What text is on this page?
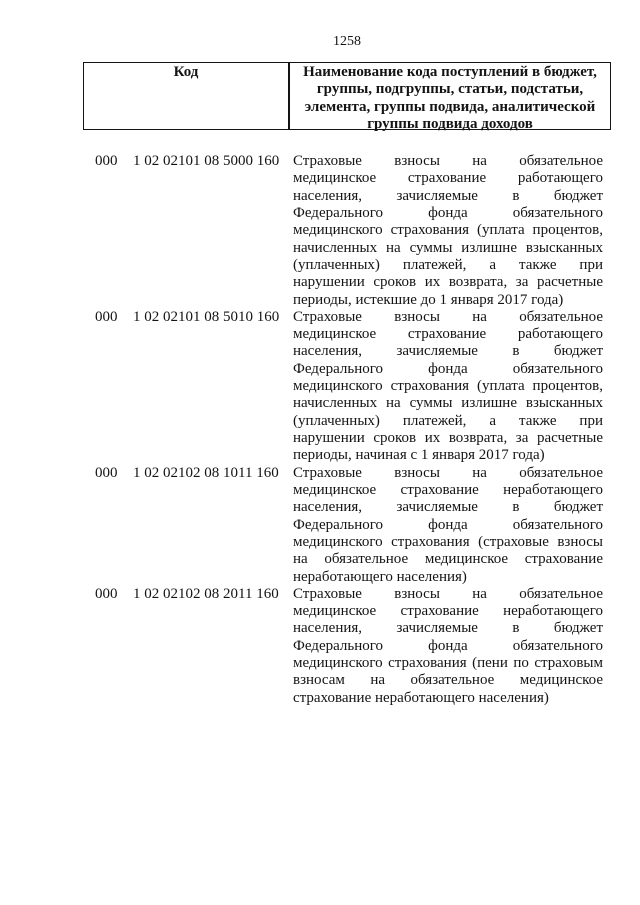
1258
Код	Наименование кода поступлений в бюджет,
группы, подгруппы, статьи, подстатьи,
элемента, группы подвида, аналитической
группы подвида доходов
000 1 02 02101 08 5000 160 Страховые взносы на обязательное
медицинское страхование работающего
населения, зачисляемые в бюджет
Федерального фонда обязательного
медицинского страхования (уплата процентов,
начисленных на суммы излишне взысканных
(уплаченных) платежей, а также при
нарушении сроков их возврата, за расчетные
периоды, истекшие до 1 января 2017 года)
000 1 02 02101 08 5010 160 Страховые взносы на обязательное
медицинское страхование работающего
населения, зачисляемые в бюджет
Федерального фонда обязательного
медицинского страхования (уплата процентов,
начисленных на суммы излишне взысканных
(уплаченных) платежей, а также при
нарушении сроков их возврата, за расчетные
периоды, начиная с 1 января 2017 года)
000 1 02 02102 08 1011 160 Страховые взносы на обязательное
медицинское страхование неработающего
населения, зачисляемые в бюджет
Федерального фонда обязательного
медицинского страхования (страховые взносы
на обязательное медицинское страхование
неработающего населения)
000 1 02 02102 08 2011 160 Страховые взносы на обязательное
медицинское страхование неработающего
населения, зачисляемые в бюджет
Федерального фонда обязательного
медицинского страхования (пени по страховым
взносам на обязательное медицинское
страхование неработающего населения)
